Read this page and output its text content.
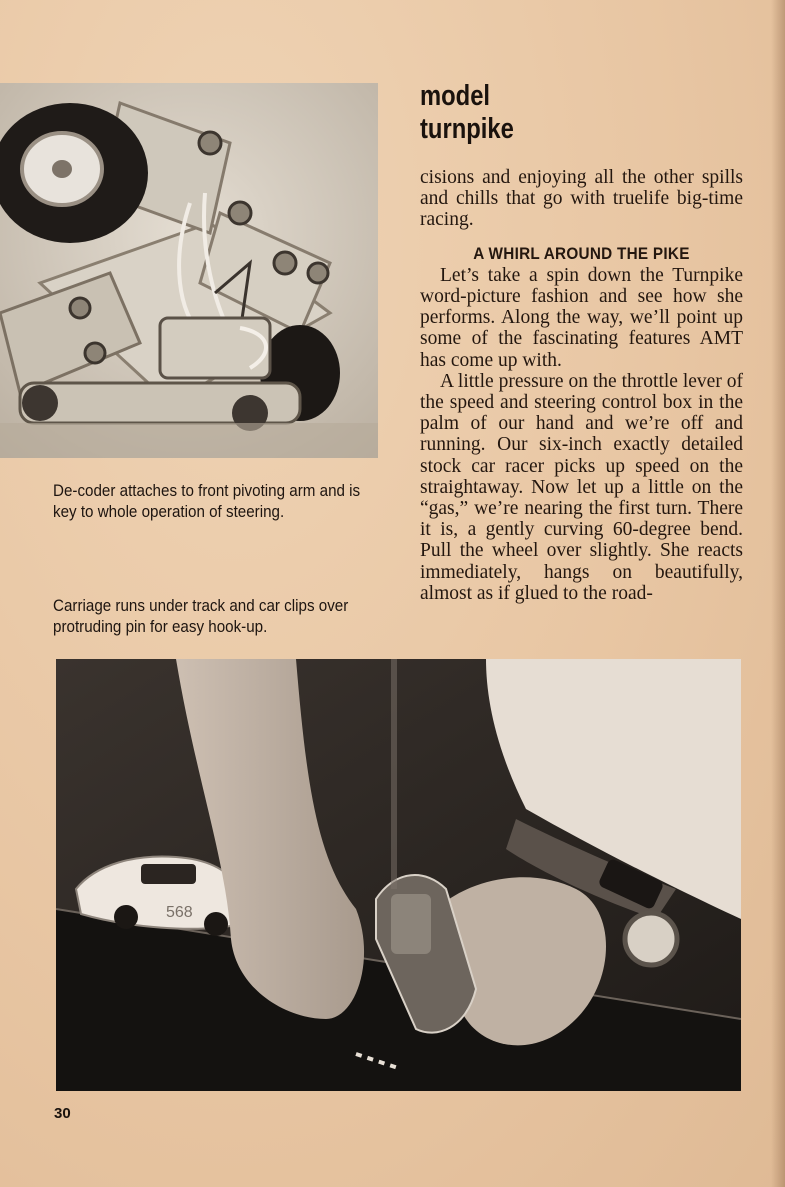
model
turnpike

cisions and enjoying all the other spills and chills that go with truelife big-time racing.

A WHIRL AROUND THE PIKE

Let’s take a spin down the Turnpike word-picture fashion and see how she performs. Along the way, we’ll point up some of the fascinating features AMT has come up with.

A little pressure on the throttle lever of the speed and steering control box in the palm of our hand and we’re off and running. Our six-inch exactly detailed stock car racer picks up speed on the straightaway. Now let up a little on the “gas,” we’re nearing the first turn. There it is, a gently curving 60-degree bend. Pull the wheel over slightly. She reacts immediately, hangs on beautifully, almost as if glued to the road-

De-coder attaches to front pivoting arm and is key to whole operation of steering.
Carriage runs under track and car clips over protruding pin for easy hook-up.
568
30
